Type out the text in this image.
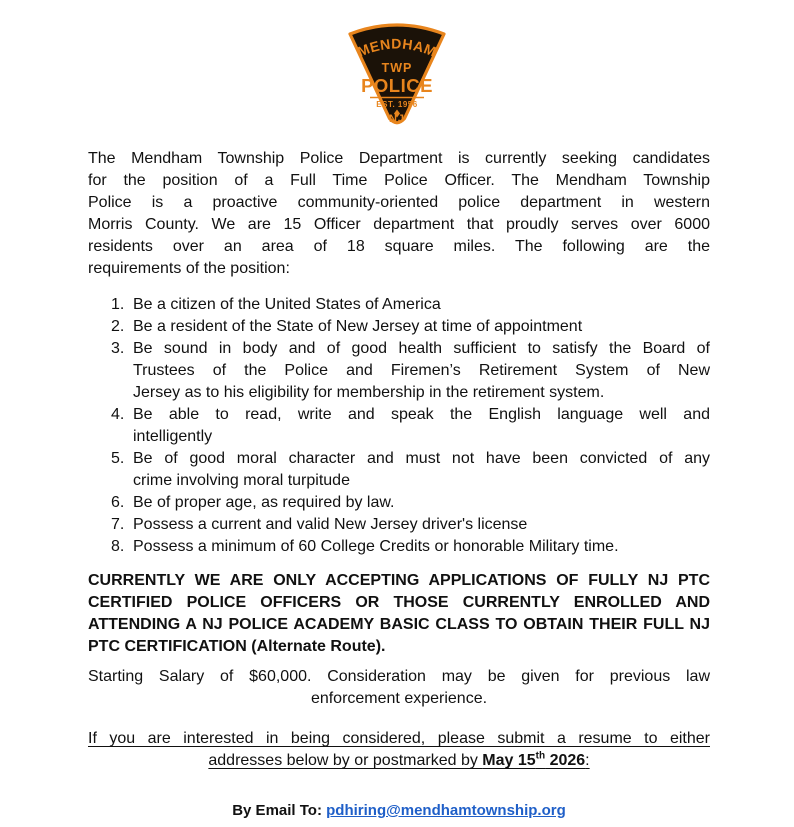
MENDHAM
TWP
POLICE
EST. 1956
NJ
The Mendham Township Police Department is currently seeking candidates
for the position of a Full Time Police Officer. The Mendham Township
Police is a proactive community-oriented police department in western
Morris County. We are 15 Officer department that proudly serves over 6000
residents over an area of 18 square miles. The following are the
requirements of the position:
1. Be a citizen of the United States of America
2. Be a resident of the State of New Jersey at time of appointment
3. Be sound in body and of good health sufficient to satisfy the Board of
Trustees of the Police and Firemen’s Retirement System of New
Jersey as to his eligibility for membership in the retirement system.
4. Be able to read, write and speak the English language well and
intelligently
5. Be of good moral character and must not have been convicted of any
crime involving moral turpitude
6. Be of proper age, as required by law.
7. Possess a current and valid New Jersey driver's license
8. Possess a minimum of 60 College Credits or honorable Military time.
CURRENTLY WE ARE ONLY ACCEPTING APPLICATIONS OF FULLY NJ PTC
CERTIFIED POLICE OFFICERS OR THOSE CURRENTLY ENROLLED AND
ATTENDING A NJ POLICE ACADEMY BASIC CLASS TO OBTAIN THEIR FULL NJ
PTC CERTIFICATION (Alternate Route).
Starting Salary of $60,000. Consideration may be given for previous law
enforcement experience.
If you are interested in being considered, please submit a resume to either
addresses below by or postmarked by May 15th 2026:
By Email To: pdhiring@mendhamtownship.org
